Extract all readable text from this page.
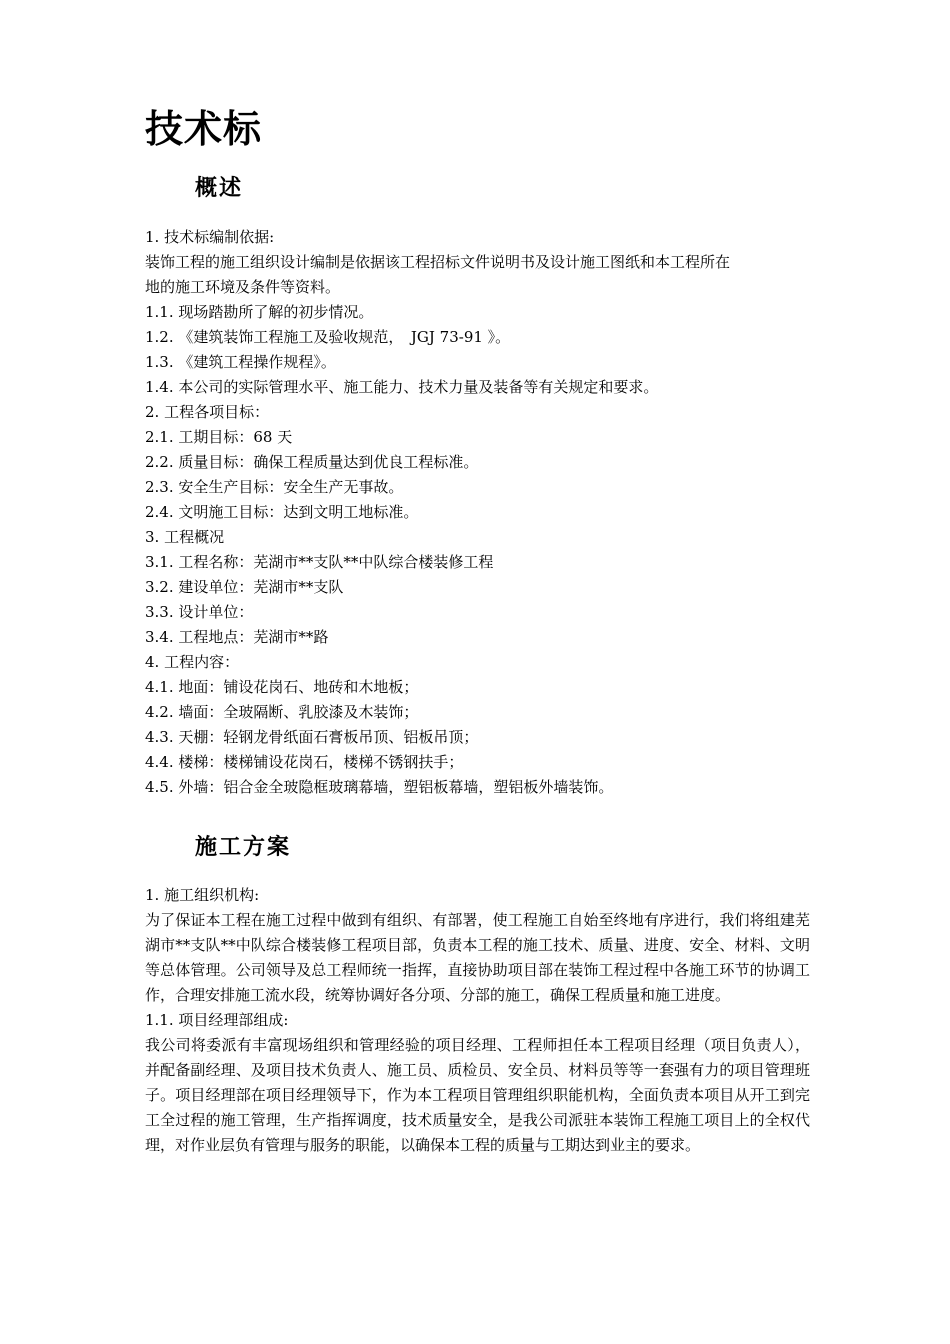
技术标
概述
1. 技术标编制依据:
装饰工程的施工组织设计编制是依据该工程招标文件说明书及设计施工图纸和本工程所在
地的施工环境及条件等资料。
1.1. 现场踏勘所了解的初步情况。
1.2. 《建筑装饰工程施工及验收规范，　JGJ 73-91 》。
1.3. 《建筑工程操作规程》。
1.4. 本公司的实际管理水平、施工能力、技术力量及装备等有关规定和要求。
2. 工程各项目标：
2.1. 工期目标：68 天
2.2. 质量目标：确保工程质量达到优良工程标准。
2.3. 安全生产目标：安全生产无事故。
2.4. 文明施工目标：达到文明工地标准。
3. 工程概况
3.1. 工程名称：芜湖市**支队**中队综合楼装修工程
3.2. 建设单位：芜湖市**支队
3.3. 设计单位：
3.4. 工程地点：芜湖市**路
4. 工程内容：
4.1. 地面：铺设花岗石、地砖和木地板；
4.2. 墙面：全玻隔断、乳胶漆及木装饰；
4.3. 天棚：轻钢龙骨纸面石膏板吊顶、铝板吊顶；
4.4. 楼梯：楼梯铺设花岗石，楼梯不锈钢扶手；
4.5. 外墙：铝合金全玻隐框玻璃幕墙，塑铝板幕墙，塑铝板外墙装饰。
施工方案
1. 施工组织机构:
为了保证本工程在施工过程中做到有组织、有部署，使工程施工自始至终地有序进行，我们将组建芜湖市**支队**中队综合楼装修工程项目部，负责本工程的施工技术、质量、进度、安全、材料、文明等总体管理。公司领导及总工程师统一指挥，直接协助项目部在装饰工程过程中各施工环节的协调工作，合理安排施工流水段，统筹协调好各分项、分部的施工，确保工程质量和施工进度。
1.1. 项目经理部组成:
我公司将委派有丰富现场组织和管理经验的项目经理、工程师担任本工程项目经理（项目负责人），并配备副经理、及项目技术负责人、施工员、质检员、安全员、材料员等等一套强有力的项目管理班子。项目经理部在项目经理领导下，作为本工程项目管理组织职能机构，全面负责本项目从开工到完工全过程的施工管理，生产指挥调度，技术质量安全，是我公司派驻本装饰工程施工项目上的全权代理，对作业层负有管理与服务的职能，以确保本工程的质量与工期达到业主的要求。
